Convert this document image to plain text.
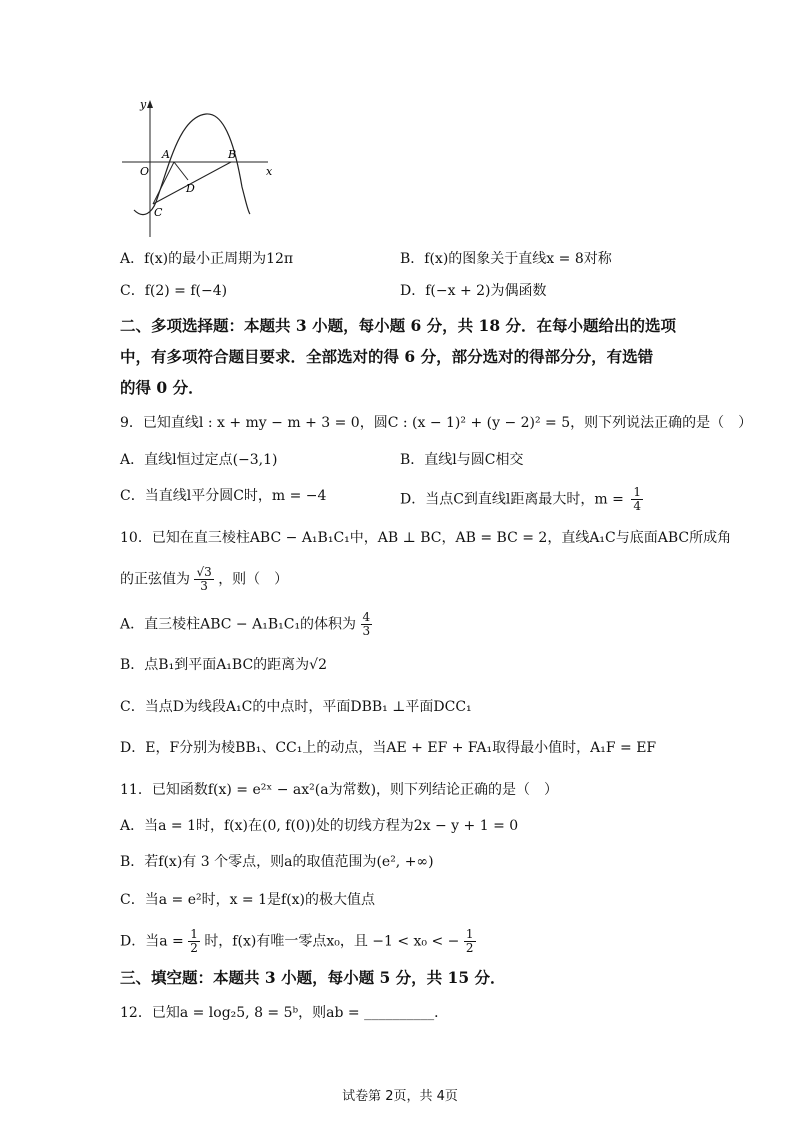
y
x
O
A	B
C
D
A．f(x)的最小正周期为12π	B．f(x)的图象关于直线x = 8对称
C．f(2) = f(−4)	D．f(−x + 2)为偶函数
二、多项选择题：本题共 3 小题，每小题 6 分，共 18 分．在每小题给出的选项
中，有多项符合题目要求．全部选对的得 6 分，部分选对的得部分分，有选错
的得 0 分．
9．已知直线l : x + my − m + 3 = 0，圆C : (x − 1)² + (y − 2)² = 5，则下列说法正确的是（　）
A．直线l恒过定点(−3,1)	B．直线l与圆C相交
C．当直线l平分圆C时，m = −4	D．当点C到直线l距离最大时，$m = \frac{1}{4}$
10．已知在直三棱柱ABC − A₁B₁C₁中，AB ⊥ BC，AB = BC = 2，直线A₁C与底面ABC所成角
的正弦值为 $\frac{√3}{3}$ ，则（　）
A．直三棱柱ABC − A₁B₁C₁的体积为 $\frac{4}{3}$
B．点B₁到平面A₁BC的距离为√2
C．当点D为线段A₁C的中点时，平面DBB₁ ⊥平面DCC₁
D．E，F分别为棱BB₁、CC₁上的动点，当AE + EF + FA₁取得最小值时，A₁F = EF
11．已知函数f(x) = e²ˣ − ax²(a为常数)，则下列结论正确的是（　）
A．当a = 1时，f(x)在(0, f(0))处的切线方程为2x − y + 1 = 0
B．若f(x)有 3 个零点，则a的取值范围为(e², +∞)
C．当a = e²时，x = 1是f(x)的极大值点
D．当$a = \frac{1}{2}$ 时，f(x)有唯一零点x₀，且 −1 < x₀ < − $\frac{1}{2}$
三、填空题：本题共 3 小题，每小题 5 分，共 15 分．
12．已知a = log₂5, 8 = 5ᵇ，则ab = __________．
试卷第 2页，共 4页
